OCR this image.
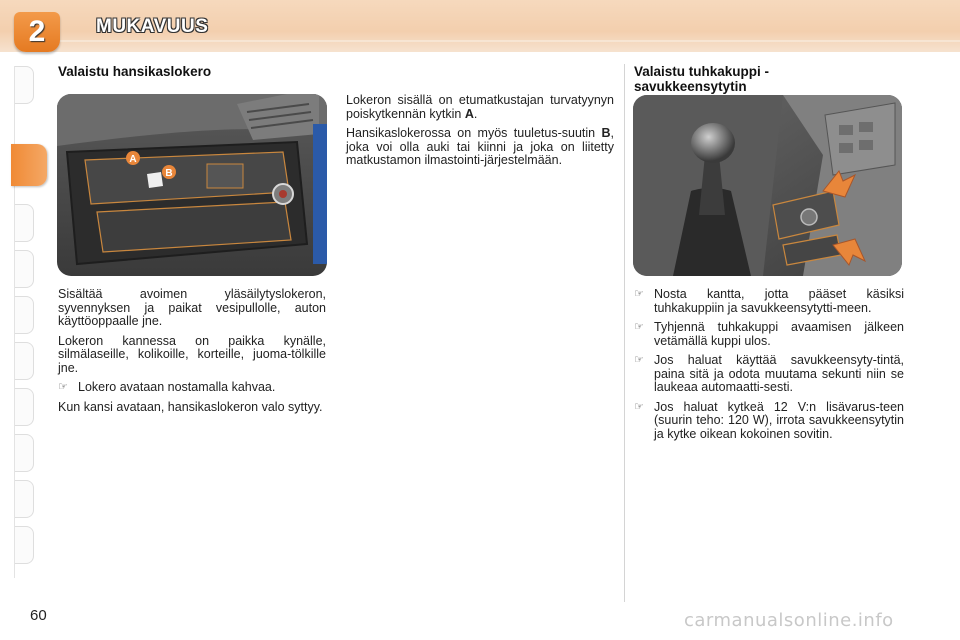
2	MUKAVUUS
Valaistu hansikaslokero
A
B

Sisältää avoimen yläsäilytyslokeron, syvennyksen ja paikat vesipullolle, auton käyttöoppaalle jne.

Lokeron kannessa on paikka kynälle, silmälaseille, kolikoille, korteille, juoma-tölkille jne.

☞ Lokero avataan nostamalla kahvaa.

Kun kansi avataan, hansikaslokeron valo syttyy.

Lokeron sisällä on etumatkustajan turvatyynyn poiskytkennän kytkin A.

Hansikaslokerossa on myös tuuletus-suutin B, joka voi olla auki tai kiinni ja joka on liitetty matkustamon ilmastointi-järjestelmään.

Valaistu tuhkakuppi -
savukkeensytytin
☞ Nosta kantta, jotta pääset käsiksi tuhkakuppiin ja savukkeensytytti-meen.
☞ Tyhjennä tuhkakuppi avaamisen jälkeen vetämällä kuppi ulos.
☞ Jos haluat käyttää savukkeensyty-tintä, paina sitä ja odota muutama sekunti niin se laukeaa automaatti-sesti.
☞ Jos haluat kytkeä 12 V:n lisävarus-teen (suurin teho: 120 W), irrota savukkeensytytin ja kytke oikean kokoinen sovitin.
60	carmanualsonline.info
